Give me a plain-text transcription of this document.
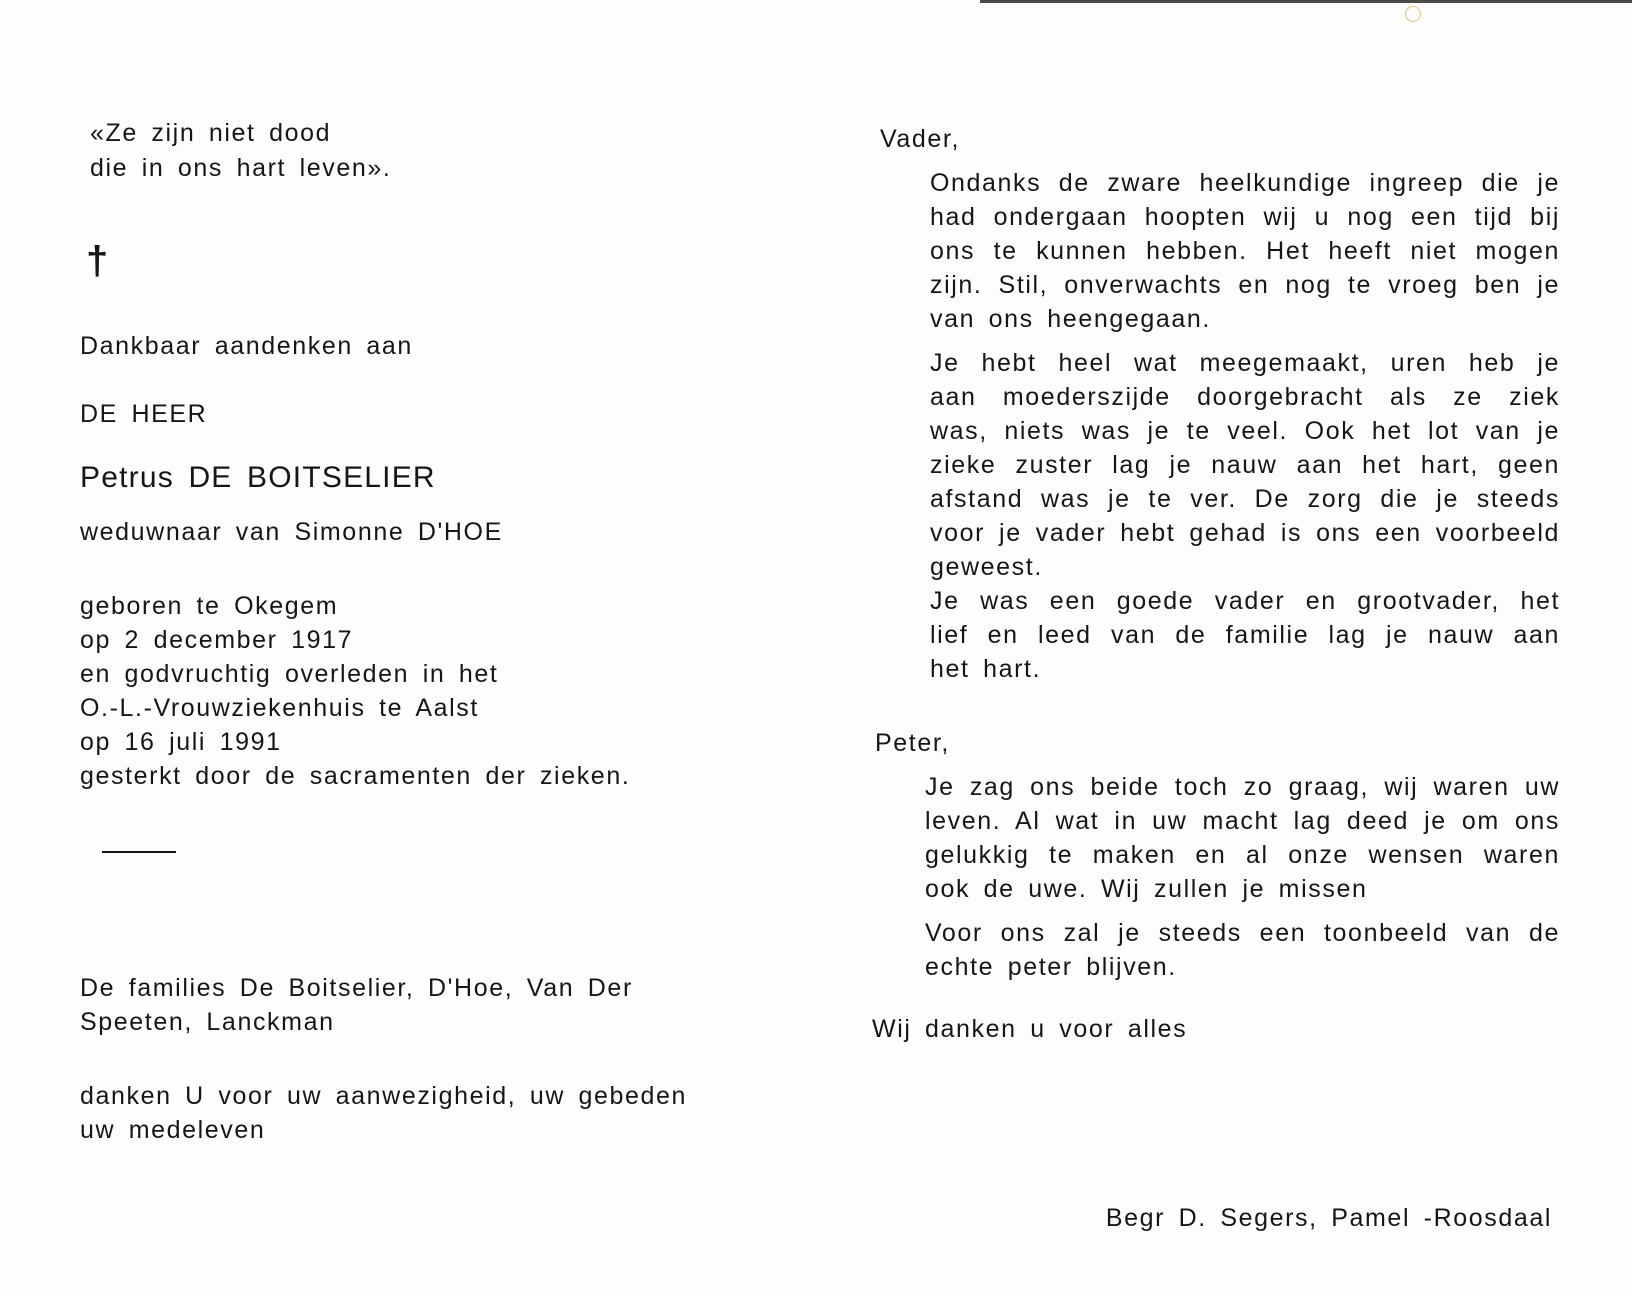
«Ze zijn niet dood

die in ons hart leven».

†

Dankbaar aandenken aan

DE HEER

Petrus DE BOITSELIER

weduwnaar van Simonne D'HOE

geboren te Okegem

op 2 december 1917

en godvruchtig overleden in het

O.-L.-Vrouwziekenhuis te Aalst

op 16 juli 1991

gesterkt door de sacramenten der zieken.

De families De Boitselier, D'Hoe, Van Der Speeten, Lanckman

danken U voor uw aanwezigheid, uw gebeden uw medeleven

Vader,

Ondanks de zware heelkundige ingreep die je had ondergaan hoopten wij u nog een tijd bij ons te kunnen hebben. Het heeft niet mogen zijn. Stil, onverwachts en nog te vroeg ben je van ons heengegaan.

Je hebt heel wat meegemaakt, uren heb je aan moederszijde doorgebracht als ze ziek was, niets was je te veel. Ook het lot van je zieke zuster lag je nauw aan het hart, geen afstand was je te ver. De zorg die je steeds voor je vader hebt gehad is ons een voorbeeld geweest.

Je was een goede vader en grootvader, het lief en leed van de familie lag je nauw aan het hart.

Peter,

Je zag ons beide toch zo graag, wij waren uw leven. Al wat in uw macht lag deed je om ons gelukkig te maken en al onze wensen waren ook de uwe. Wij zullen je missen

Voor ons zal je steeds een toonbeeld van de echte peter blijven.

Wij danken u voor alles

Begr D. Segers, Pamel -Roosdaal
